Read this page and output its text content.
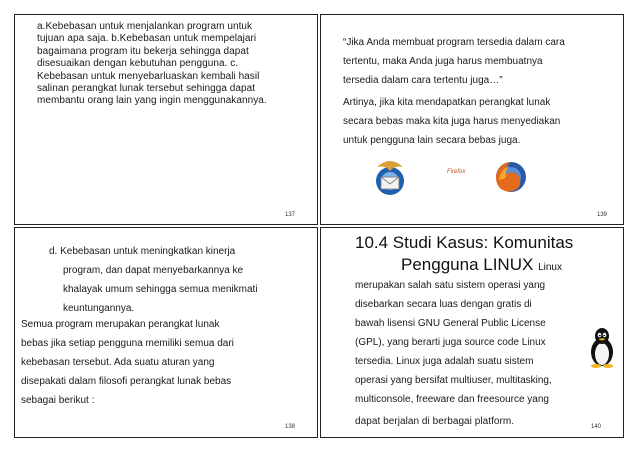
a.Kebebasan untuk menjalankan program untuk
tujuan apa saja. b.Kebebasan untuk mempelajari
bagaimana program itu bekerja sehingga dapat
disesuaikan dengan kebutuhan pengguna. c.
Kebebasan untuk menyebarluaskan kembali hasil
salinan perangkat lunak tersebut sehingga dapat
membantu orang lain yang ingin menggunakannya.
137
“Jika Anda membuat program tersedia dalam cara
tertentu, maka Anda juga harus membuatnya
tersedia dalam cara tertentu juga…”
Artinya, jika kita mendapatkan perangkat lunak
secara bebas maka kita juga harus menyediakan
untuk pengguna lain secara bebas juga.
Firefox
139
d. Kebebasan untuk meningkatkan kinerja
program, dan dapat menyebarkannya ke
khalayak umum sehingga semua menikmati
keuntungannya.
Semua program merupakan perangkat lunak
bebas jika setiap pengguna memiliki semua dari
kebebasan tersebut. Ada suatu aturan yang
disepakati dalam filosofi perangkat lunak bebas
sebagai berikut :
138
10.4 Studi Kasus: Komunitas
Pengguna LINUX Linux
merupakan salah satu sistem operasi yang
disebarkan secara luas dengan gratis di
bawah lisensi GNU General Public License
(GPL), yang berarti juga source code Linux
tersedia. Linux juga adalah suatu sistem
operasi yang bersifat multiuser, multitasking,
multiconsole, freeware dan freesource yang
dapat berjalan di berbagai platform.	140
